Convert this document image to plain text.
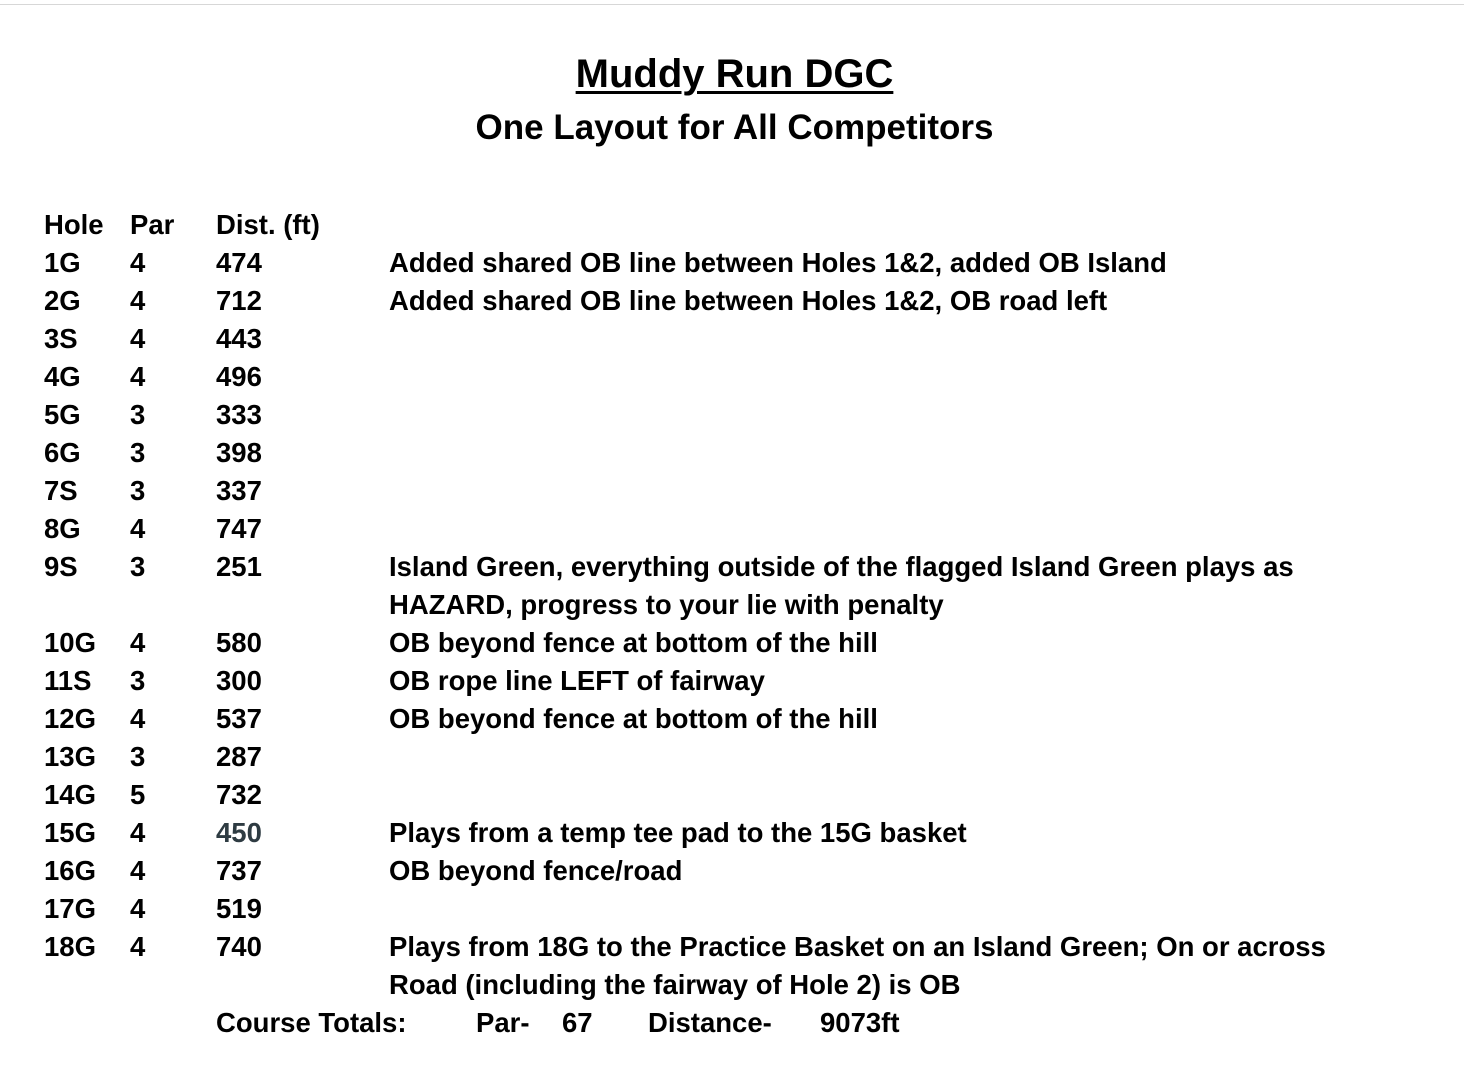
Muddy Run DGC
One Layout for All Competitors
Hole Par	Dist. (ft)
1G	4	474	Added shared OB line between Holes 1&2, added OB Island
2G	4	712	Added shared OB line between Holes 1&2, OB road left
3S	4	443
4G	4	496
5G	3	333
6G	3	398
7S	3	337
8G	4	747
9S	3	251	Island Green, everything outside of the flagged Island Green plays as HAZARD, progress to your lie with penalty
10G	4	580	OB beyond fence at bottom of the hill
11S	3	300	OB rope line LEFT of fairway
12G	4	537	OB beyond fence at bottom of the hill
13G	3	287
14G	5	732
15G	4	450	Plays from a temp tee pad to the 15G basket
16G	4	737	OB beyond fence/road
17G	4	519
18G	4	740	Plays from 18G to the Practice Basket on an Island Green; On or across Road (including the fairway of Hole 2) is OB
Course Totals:	Par-	67	Distance-	9073ft
